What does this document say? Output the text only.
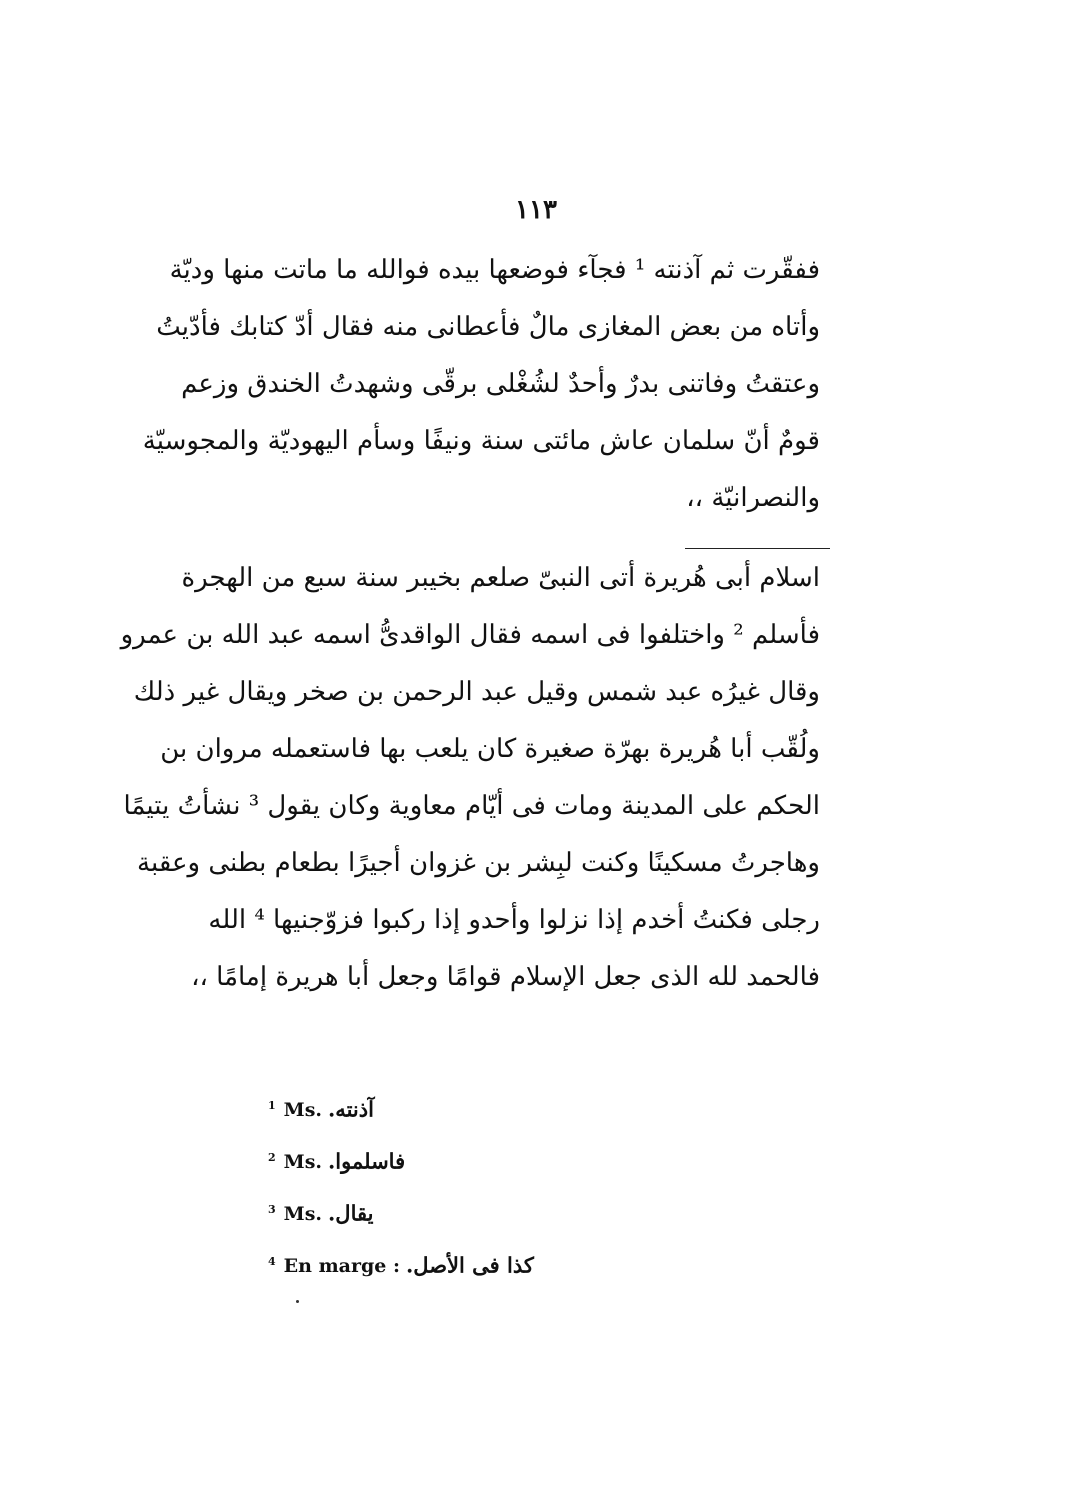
١١٣
ففقّرت ثم آذنته ¹ فجآء فوضعها بيده فوالله ما ماتت منها وديّة
وأتاه من بعض المغازى مالٌ فأعطانى منه فقال أدّ كتابك فأدّيتُ
وعتقتُ وفاتنى بدرٌ وأحدٌ لشُغْلى برقّى وشهدتُ الخندق وزعم
قومٌ أنّ سلمان عاش مائتى سنة ونيفًا وسأم اليهوديّة والمجوسيّة
والنصرانيّة ،،
اسلام أبى هُريرة أتى النبىّ صلعم بخيبر سنة سبع من الهجرة
فأسلم ² واختلفوا فى اسمه فقال الواقدىُّ اسمه عبد الله بن عمرو
وقال غيرُه عبد شمس وقيل عبد الرحمن بن صخر ويقال غير ذلك
ولُقّب أبا هُريرة بهرّة صغيرة كان يلعب بها فاستعمله مروان بن
الحكم على المدينة ومات فى أيّام معاوية وكان يقول ³ نشأتُ يتيمًا
وهاجرتُ مسكينًا وكنت لبِشر بن غزوان أجيرًا بطعام بطنى وعقبة
رجلى فكنتُ أخدم إذا نزلوا وأحدو إذا ركبوا فزوّجنيها ⁴ الله
فالحمد لله الذى جعل الإسلام قوامًا وجعل أبا هريرة إمامًا ،،
$^1$ Ms. آذنته.
$^2$ Ms. فاسلموا.
$^3$ Ms. يقال.
$^4$ En marge : كذا فى الأصل.
